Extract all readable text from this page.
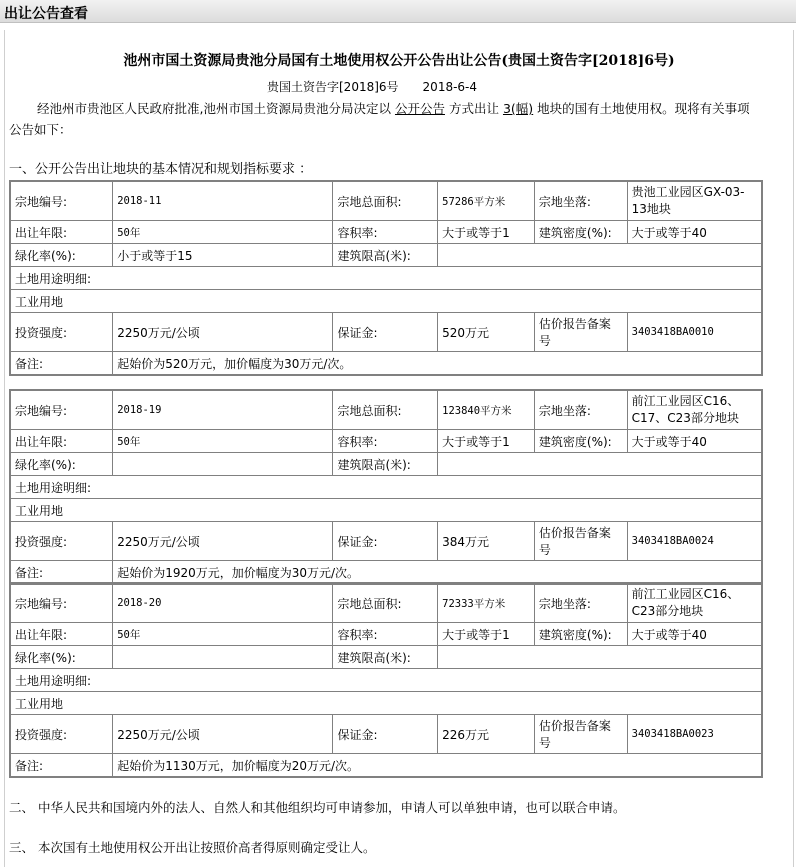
出让公告查看
池州市国土资源局贵池分局国有土地使用权公开公告出让公告(贵国土资告字[2018]6号)
贵国土资告字[2018]6号 2018-6-4
经池州市贵池区人民政府批准,池州市国土资源局贵池分局决定以 公开公告 方式出让 3(幅) 地块的国有土地使用权。现将有关事项公告如下：
一、公开公告出让地块的基本情况和规划指标要求 ：
宗地编号:	2018-11	宗地总面积:	57286平方米	宗地坐落:	贵池工业园区GX-03-13地块
出让年限:	50年	容积率:	大于或等于1	建筑密度(%):	大于或等于40
绿化率(%):	小于或等于15	建筑限高(米):			
土地用途明细:					
工业用地					
投资强度:	2250万元/公顷	保证金:	520万元	估价报告备案号	3403418BA0010
备注:	起始价为520万元，加价幅度为30万元/次。				
宗地编号:	2018-19	宗地总面积:	123840平方米	宗地坐落:	前江工业园区C16、C17、C23部分地块
出让年限:	50年	容积率:	大于或等于1	建筑密度(%):	大于或等于40
绿化率(%):		建筑限高(米):			
土地用途明细:					
工业用地					
投资强度:	2250万元/公顷	保证金:	384万元	估价报告备案号	3403418BA0024
备注:	起始价为1920万元，加价幅度为30万元/次。				
宗地编号:	2018-20	宗地总面积:	72333平方米	宗地坐落:	前江工业园区C16、C23部分地块
出让年限:	50年	容积率:	大于或等于1	建筑密度(%):	大于或等于40
绿化率(%):		建筑限高(米):			
土地用途明细:					
工业用地					
投资强度:	2250万元/公顷	保证金:	226万元	估价报告备案号	3403418BA0023
备注:	起始价为1130万元，加价幅度为20万元/次。				
二、 中华人民共和国境内外的法人、自然人和其他组织均可申请参加，申请人可以单独申请，也可以联合申请。
三、 本次国有土地使用权公开出让按照价高者得原则确定受让人。
